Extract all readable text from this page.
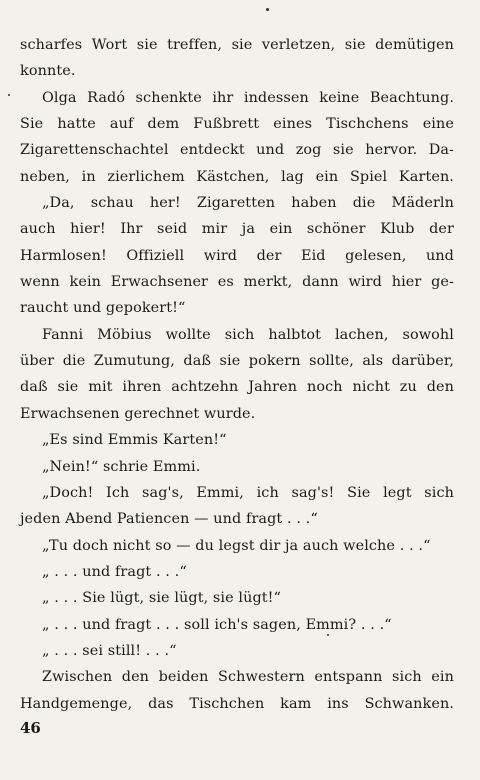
scharfes Wort sie treffen, sie verletzen, sie demütigen
konnte.
Olga Radó schenkte ihr indessen keine Beachtung.
Sie hatte auf dem Fußbrett eines Tischchens eine
Zigarettenschachtel entdeckt und zog sie hervor. Da-
neben, in zierlichem Kästchen, lag ein Spiel Karten.
„Da, schau her! Zigaretten haben die Mäderln
auch hier! Ihr seid mir ja ein schöner Klub der
Harmlosen! Offiziell wird der Eid gelesen, und
wenn kein Erwachsener es merkt, dann wird hier ge-
raucht und gepokert!“
Fanni Möbius wollte sich halbtot lachen, sowohl
über die Zumutung, daß sie pokern sollte, als darüber,
daß sie mit ihren achtzehn Jahren noch nicht zu den
Erwachsenen gerechnet wurde.
„Es sind Emmis Karten!“
„Nein!“ schrie Emmi.
„Doch! Ich sag's, Emmi, ich sag's! Sie legt sich
jeden Abend Patiencen — und fragt . . .“
„Tu doch nicht so — du legst dir ja auch welche . . .“
„ . . . und fragt . . .“
„ . . . Sie lügt, sie lügt, sie lügt!“
„ . . . und fragt . . . soll ich's sagen, Emmi? . . .“
„ . . . sei still! . . .“
Zwischen den beiden Schwestern entspann sich ein
Handgemenge, das Tischchen kam ins Schwanken.
46
